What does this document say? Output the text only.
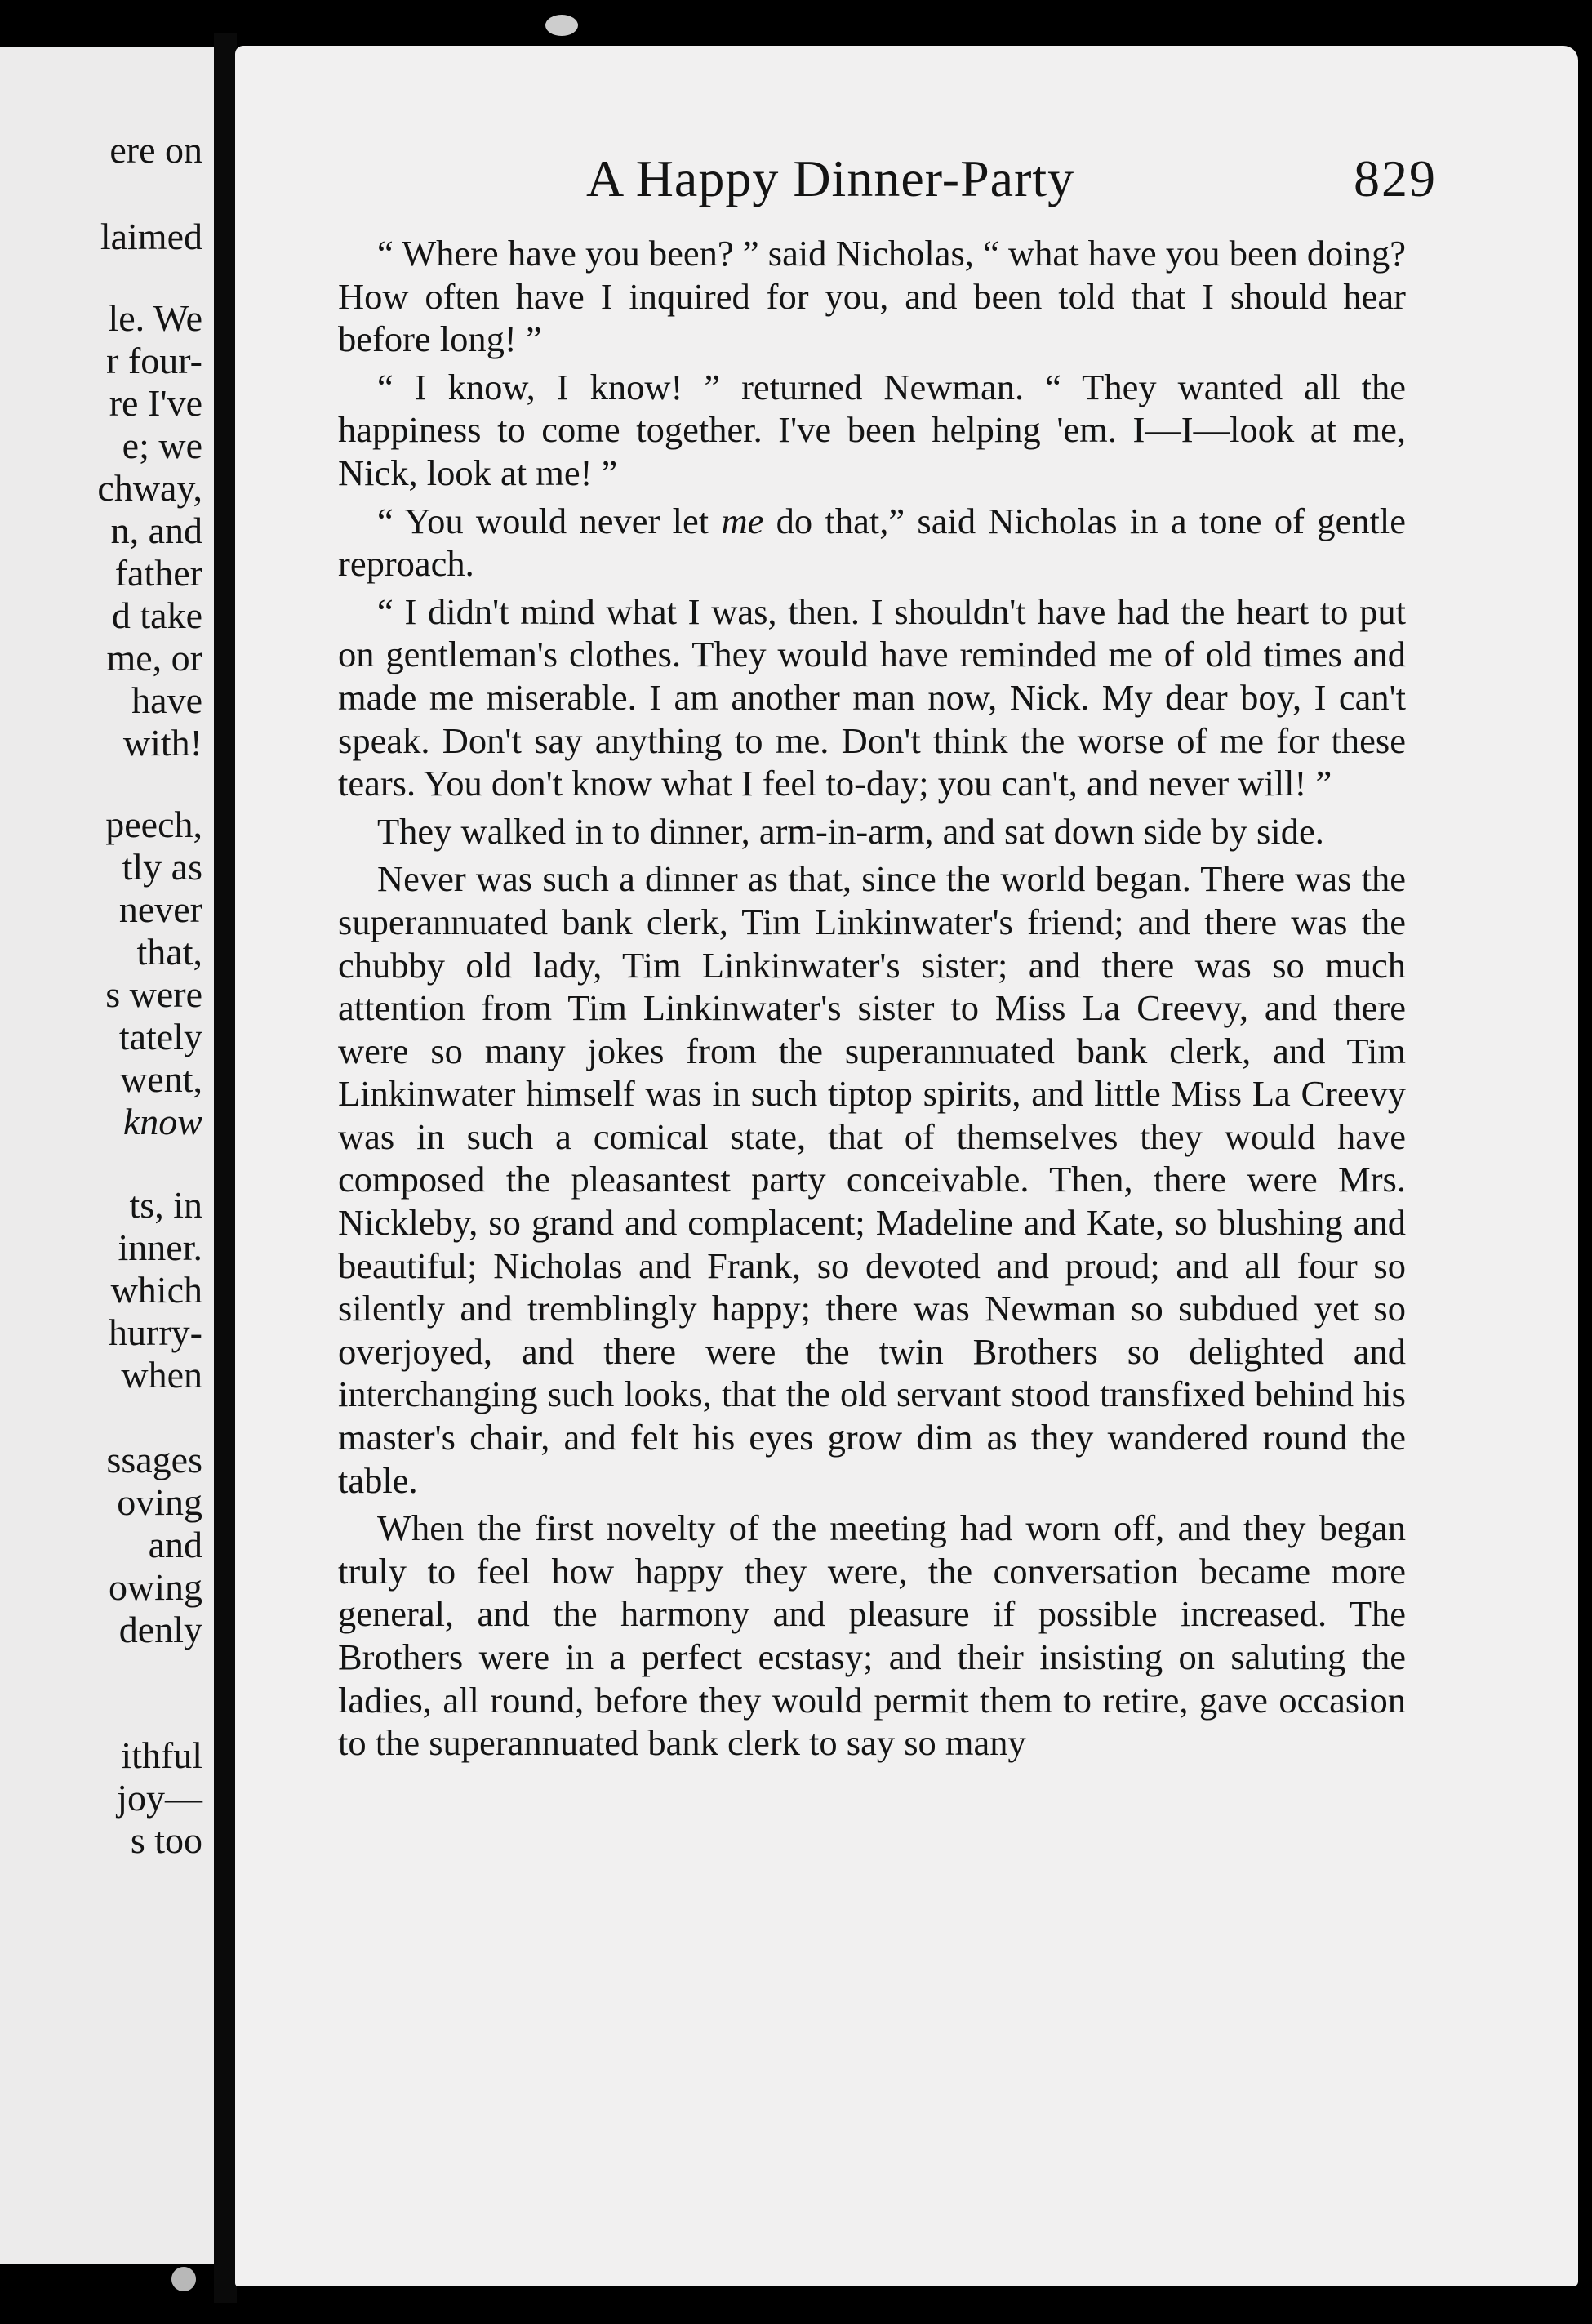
ere on
laimed
le. We
r four-
re I've
e; we
chway,
n, and
father
d take
me, or
have
with!
peech,
tly as
never
that,
s were
tately
went,
know
ts, in
inner.
which
hurry-
when
ssages
oving
and
owing
denly
ithful
joy—
s too
A Happy Dinner-Party	829

“ Where have you been? ” said Nicholas, “ what have you been doing? How often have I inquired for you, and been told that I should hear before long! ”

“ I know, I know! ” returned Newman. “ They wanted all the happiness to come together. I've been helping 'em. I—I—look at me, Nick, look at me! ”

“ You would never let me do that,” said Nicholas in a tone of gentle reproach.

“ I didn't mind what I was, then. I shouldn't have had the heart to put on gentleman's clothes. They would have reminded me of old times and made me miserable. I am another man now, Nick. My dear boy, I can't speak. Don't say anything to me. Don't think the worse of me for these tears. You don't know what I feel to-day; you can't, and never will! ”

They walked in to dinner, arm-in-arm, and sat down side by side.

Never was such a dinner as that, since the world began. There was the superannuated bank clerk, Tim Linkinwater's friend; and there was the chubby old lady, Tim Linkinwater's sister; and there was so much attention from Tim Linkinwater's sister to Miss La Creevy, and there were so many jokes from the superannuated bank clerk, and Tim Linkinwater himself was in such tiptop spirits, and little Miss La Creevy was in such a comical state, that of themselves they would have composed the pleasantest party conceivable. Then, there were Mrs. Nickleby, so grand and complacent; Madeline and Kate, so blushing and beautiful; Nicholas and Frank, so devoted and proud; and all four so silently and tremblingly happy; there was Newman so subdued yet so overjoyed, and there were the twin Brothers so delighted and interchanging such looks, that the old servant stood transfixed behind his master's chair, and felt his eyes grow dim as they wandered round the table.

When the first novelty of the meeting had worn off, and they began truly to feel how happy they were, the conversation became more general, and the harmony and pleasure if possible increased. The Brothers were in a perfect ecstasy; and their insisting on saluting the ladies, all round, before they would permit them to retire, gave occasion to the superannuated bank clerk to say so many
